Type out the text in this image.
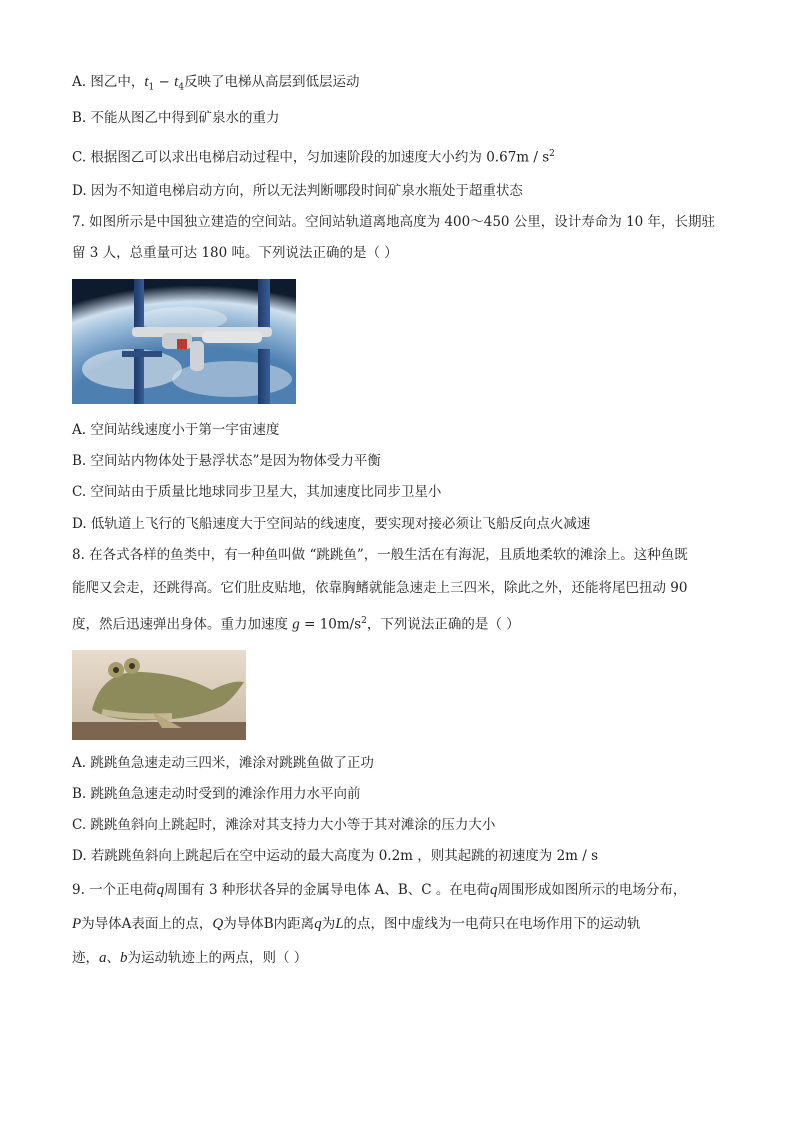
A. 图乙中，$t_1 - t_4$反映了电梯从高层到低层运动
B. 不能从图乙中得到矿泉水的重力
C. 根据图乙可以求出电梯启动过程中，匀加速阶段的加速度大小约为 $0.67m / s^2$
D. 因为不知道电梯启动方向，所以无法判断哪段时间矿泉水瓶处于超重状态
7. 如图所示是中国独立建造的空间站。空间站轨道离地高度为 400～450 公里，设计寿命为 10 年，长期驻
留 3 人，总重量可达 180 吨。下列说法正确的是（ ）
A. 空间站线速度小于第一宇宙速度
B. 空间站内物体处于悬浮状态”是因为物体受力平衡
C. 空间站由于质量比地球同步卫星大，其加速度比同步卫星小
D. 低轨道上飞行的飞船速度大于空间站的线速度，要实现对接必须让飞船反向点火减速
8. 在各式各样的鱼类中，有一种鱼叫做 “跳跳鱼”，一般生活在有海泥，且质地柔软的滩涂上。这种鱼既
能爬又会走，还跳得高。它们肚皮贴地，依靠胸鳍就能急速走上三四米，除此之外，还能将尾巴扭动 90
度，然后迅速弹出身体。重力加速度 $g = 10m/s^2$，下列说法正确的是（ ）
A. 跳跳鱼急速走动三四米，滩涂对跳跳鱼做了正功
B. 跳跳鱼急速走动时受到的滩涂作用力水平向前
C. 跳跳鱼斜向上跳起时，滩涂对其支持力大小等于其对滩涂的压力大小
D. 若跳跳鱼斜向上跳起后在空中运动的最大高度为 0.2m ，则其起跳的初速度为 2m / s
9. 一个正电荷q周围有 3 种形状各异的金属导电体 A、B、C 。在电荷q周围形成如图所示的电场分布，
P为导体A表面上的点，Q为导体B内距离q为L的点，图中虚线为一电荷只在电场作用下的运动轨
迹，a、b为运动轨迹上的两点，则（ ）
